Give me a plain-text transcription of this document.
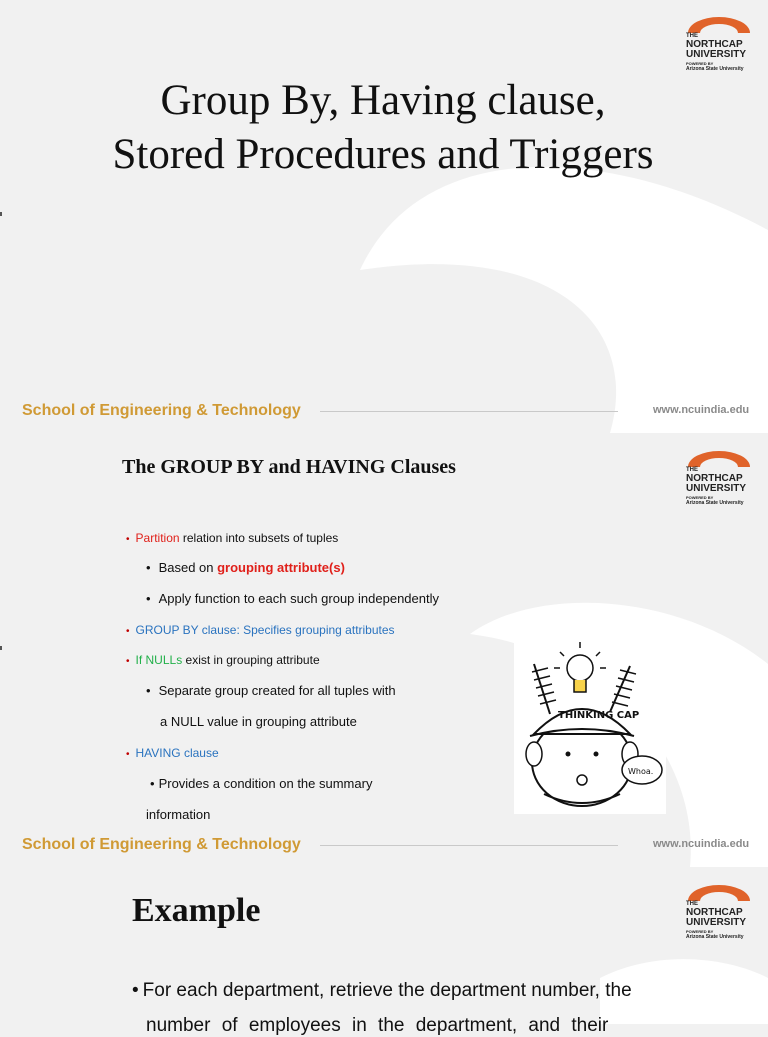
THE
NORTHCAP
UNIVERSITY
POWERED BY
Arizona State University
Group By, Having clause, Stored Procedures and Triggers
School of Engineering & Technology	www.ncuindia.edu
THE
NORTHCAP
UNIVERSITY
POWERED BY
Arizona State University
The GROUP BY and HAVING Clauses
• Partition relation into subsets of tuples
• Based on grouping attribute(s)
• Apply function to each such group independently
• GROUP BY clause: Specifies grouping attributes
• If NULLs exist in grouping attribute
• Separate group created for all tuples with
a NULL value in grouping attribute
• HAVING clause
• Provides a condition on the summary
information
THINKING CAP
Whoa.
School of Engineering & Technology	www.ncuindia.edu
THE
NORTHCAP
UNIVERSITY
POWERED BY
Arizona State University
Example
• For each department, retrieve the department number, the
number of employees in the department, and their
